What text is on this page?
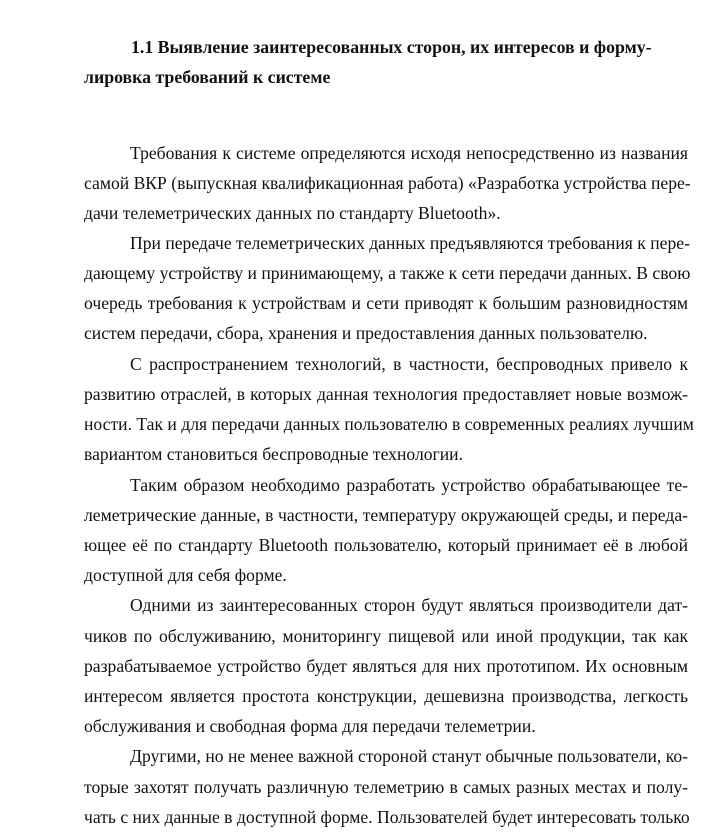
1.1 Выявление заинтересованных сторон, их интересов и форму-

лировка требований к системе

Требования к системе определяются исходя непосредственно из названия

самой ВКР (выпускная квалификационная работа) «Разработка устройства пере-

дачи телеметрических данных по стандарту Bluetooth».

При передаче телеметрических данных предъявляются требования к пере-

дающему устройству и принимающему, а также к сети передачи данных. В свою

очередь требования к устройствам и сети приводят к большим разновидностям

систем передачи, сбора, хранения и предоставления данных пользователю.

С распространением технологий, в частности, беспроводных привело к

развитию отраслей, в которых данная технология предоставляет новые возмож-

ности. Так и для передачи данных пользователю в современных реалиях лучшим

вариантом становиться беспроводные технологии.

Таким образом необходимо разработать устройство обрабатывающее те-

леметрические данные, в частности, температуру окружающей среды, и переда-

ющее её по стандарту Bluetooth пользователю, который принимает её в любой

доступной для себя форме.

Одними из заинтересованных сторон будут являться производители дат-

чиков по обслуживанию, мониторингу пищевой или иной продукции, так как

разрабатываемое устройство будет являться для них прототипом. Их основным

интересом является простота конструкции, дешевизна производства, легкость

обслуживания и свободная форма для передачи телеметрии.

Другими, но не менее важной стороной станут обычные пользователи, ко-

торые захотят получать различную телеметрию в самых разных местах и полу-

чать с них данные в доступной форме. Пользователей будет интересовать только
